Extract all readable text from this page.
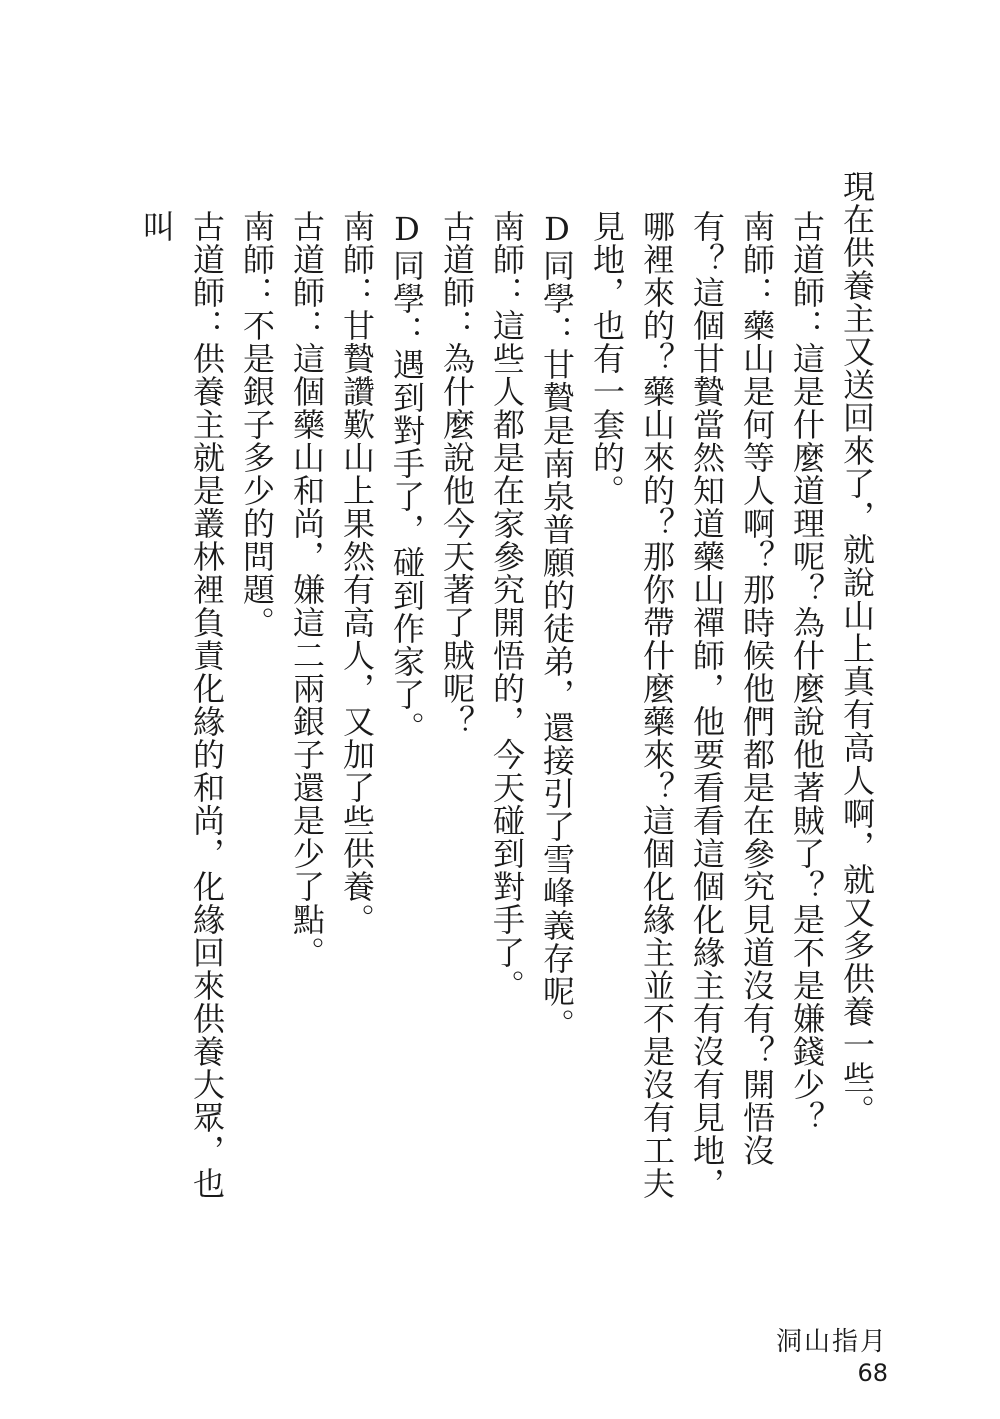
現在供養主又送回來了，就說山上真有高人啊，就又多供養一些。

古道師：這是什麼道理呢？為什麼說他著賊了？是不是嫌錢少？

南師：藥山是何等人啊？那時候他們都是在參究見道沒有？開悟沒有？這個甘贄當然知道藥山禪師，他要看看這個化緣主有沒有見地，哪裡來的？藥山來的？那你帶什麼藥來？這個化緣主並不是沒有工夫見地，也有一套的。

D同學：甘贄是南泉普願的徒弟，還接引了雪峰義存呢。

南師：這些人都是在家參究開悟的，今天碰到對手了。

古道師：為什麼說他今天著了賊呢？

D同學：遇到對手了，碰到作家了。

南師：甘贄讚歎山上果然有高人，又加了些供養。

古道師：這個藥山和尚，嫌這二兩銀子還是少了點。

南師：不是銀子多少的問題。

古道師：供養主就是叢林裡負責化緣的和尚，化緣回來供養大眾，也叫

洞山指月
68
